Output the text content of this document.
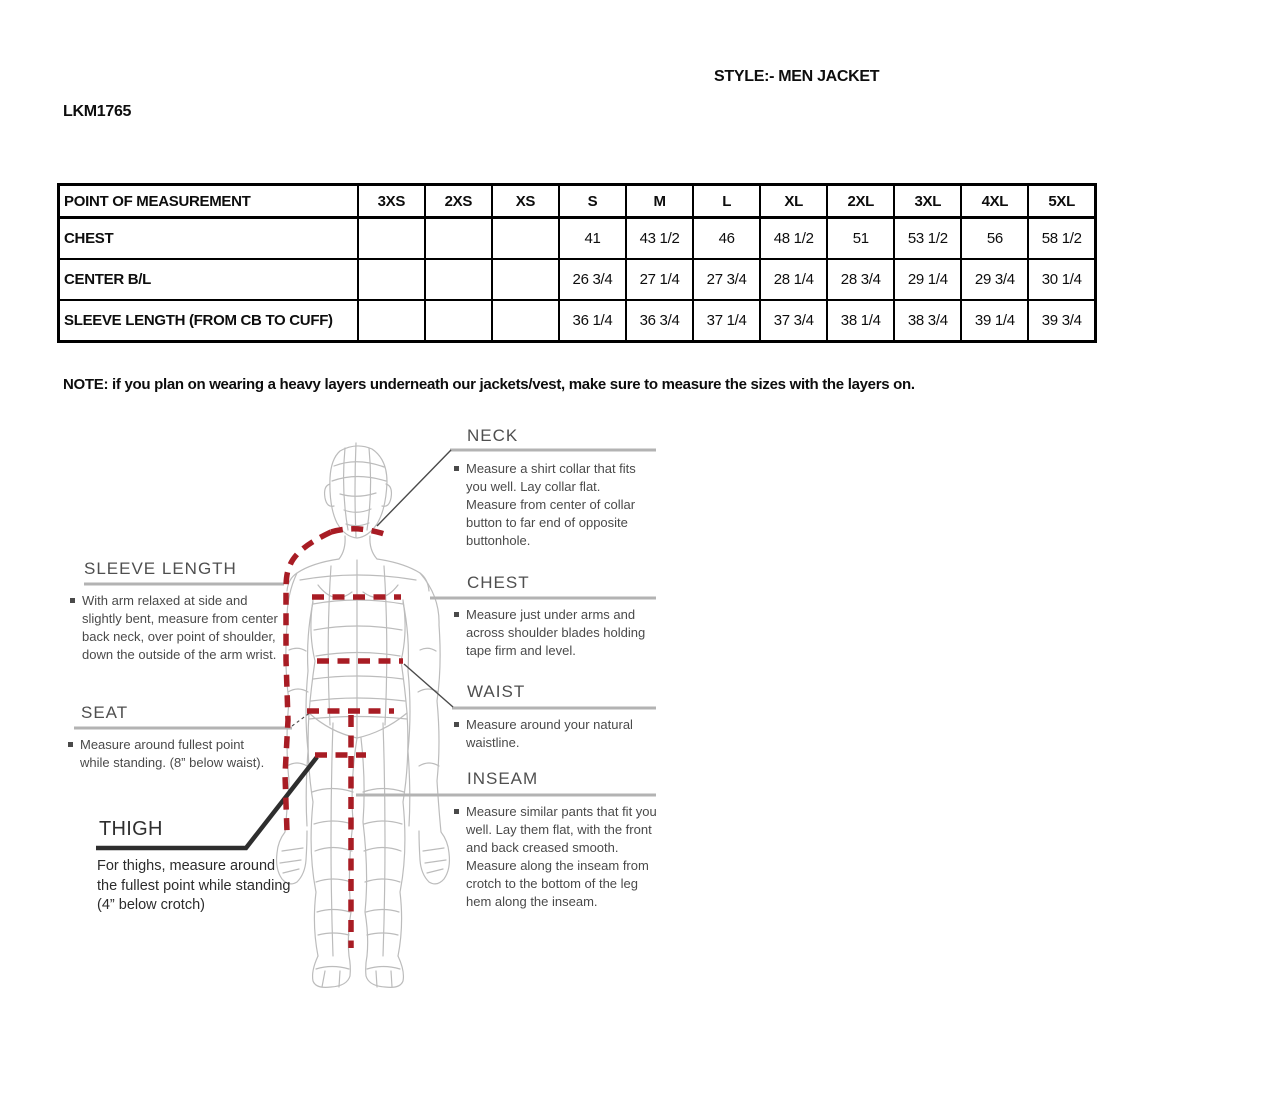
STYLE:- MEN JACKET
LKM1765
POINT OF MEASUREMENT	3XS	2XS	XS	S	M	L	XL	2XL	3XL	4XL	5XL
CHEST				41	43 1/2	46	48 1/2	51	53 1/2	56	58 1/2
CENTER B/L				26 3/4	27 1/4	27 3/4	28 1/4	28 3/4	29 1/4	29 3/4	30 1/4
SLEEVE LENGTH (FROM CB TO CUFF)				36 1/4	36 3/4	37 1/4	37 3/4	38 1/4	38 3/4	39 1/4	39 3/4
NOTE: if you plan on wearing a heavy layers underneath our jackets/vest, make sure to measure the sizes with the layers on.
NECK
Measure a shirt collar that fits you well. Lay collar flat. Measure from center of collar button to far end of opposite buttonhole.
SLEEVE LENGTH
With arm relaxed at side and slightly bent, measure from center back neck, over point of shoulder, down the outside of the arm wrist.
CHEST
Measure just under arms and across shoulder blades holding tape firm and level.
WAIST
Measure around your natural waistline.
SEAT
Measure around fullest point while standing. (8” below waist).
INSEAM
Measure similar pants that fit you well. Lay them flat, with the front and back creased smooth. Measure along the inseam from crotch to the bottom of the leg hem along the inseam.
THIGH
For thighs, measure around the fullest point while standing (4” below crotch)
